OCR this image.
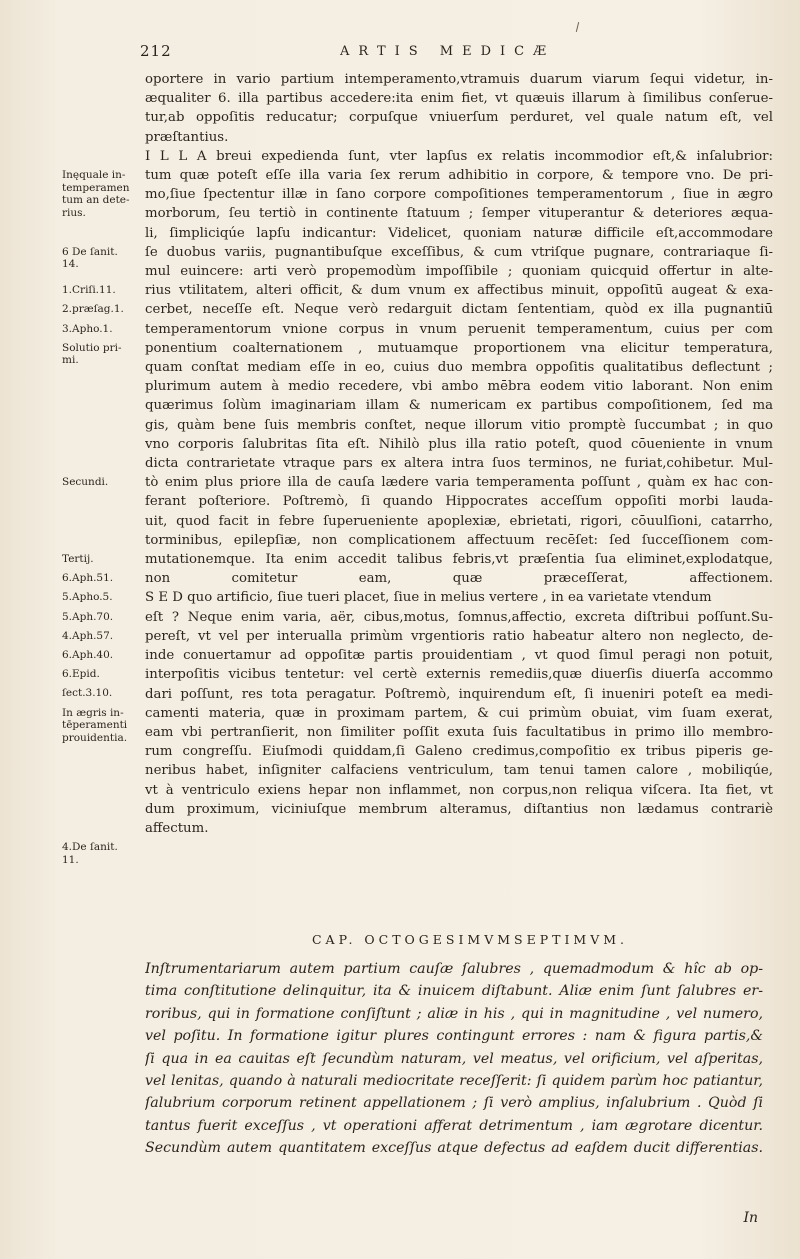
212	ARTIS MEDICÆ
oportere in vario partium intemperamento,vtramuis duarum viarum ſequi videtur, in-
æqualiter 6. illa partibus accedere:ita enim fiet, vt quæuis illarum à ſimilibus conſerue-
tur,ab oppoſitis reducatur; corpuſque vniuerſum perduret, vel quale natum eſt, vel
præſtantius.
I L L A breui expedienda ſunt, vter lapſus ex relatis incommodior eſt,& inſalubrior:
tum quæ poteſt eſſe illa varia ſex rerum adhibitio in corpore, & tempore vno. De pri-
mo,ſiue ſpectentur illæ in ſano corpore compoſitiones temperamentorum , ſiue in ægro
morborum, ſeu tertiò in continente ſtatuum ; ſemper vituperantur & deteriores æqua-
li, ſimpliciqúe lapſu indicantur: Videlicet, quoniam naturæ difficile eſt,accommodare
ſe duobus variis, pugnantibuſque exceſſibus, & cum vtriſque pugnare, contrariaque ſi-
mul euincere: arti verò propemodùm impoſſibile ; quoniam quicquid offertur in alte-
rius vtilitatem, alteri officit, & dum vnum ex affectibus minuit, oppoſitū augeat & exa-
cerbet, neceſſe eſt. Neque verò redarguit dictam ſententiam, quòd ex illa pugnantiū
temperamentorum vnione corpus in vnum peruenit temperamentum, cuius per com
ponentium coalternationem , mutuamque proportionem vna elicitur temperatura,
quam conſtat mediam eſſe in eo, cuius duo membra oppoſitis qualitatibus deflectunt ;
plurimum autem à medio recedere, vbi ambo mēbra eodem vitio laborant. Non enim
quærimus ſolùm imaginariam illam & numericam ex partibus compoſitionem, ſed ma
gis, quàm bene ſuis membris conſtet, neque illorum vitio promptè ſuccumbat ; in quo
vno corporis ſalubritas ſita eſt. Nihilò plus illa ratio poteſt, quod cōueniente in vnum
dicta contrarietate vtraque pars ex altera intra ſuos terminos, ne furiat,cohibetur. Mul-
tò enim plus priore illa de cauſa lædere varia temperamenta poſſunt , quàm ex hac con-
ferant poſteriore. Poſtremò, ſi quando Hippocrates acceſſum oppoſiti morbi lauda-
uit, quod facit in febre ſuperueniente apoplexiæ, ebrietati, rigori, cōuulſioni, catarrho,
torminibus, epilepſiæ, non complicationem affectuum recēſet: ſed ſucceſſionem com-
mutationemque. Ita enim accedit talibus febris,vt præſentia ſua eliminet,explodatque,
non comitetur eam, quæ præceſſerat, affectionem.
S E D quo artificio, ſiue tueri placet, ſiue in melius vertere , in ea varietate vtendum
eſt ? Neque enim varia, aër, cibus,motus, ſomnus,affectio, excreta diſtribui poſſunt.Su-
pereſt, vt vel per interualla primùm vrgentioris ratio habeatur altero non neglecto, de-
inde conuertamur ad oppoſitæ partis prouidentiam , vt quod ſimul peragi non potuit,
interpoſitis vicibus tentetur: vel certè externis remediis,quæ diuerſis diuerſa accommo
dari poſſunt, res tota peragatur. Poſtremò, inquirendum eſt, ſi inueniri poteſt ea medi-
camenti materia, quæ in proximam partem, & cui primùm obuiat, vim ſuam exerat,
eam vbi pertranſierit, non ſimiliter poſſit exuta ſuis facultatibus in primo illo membro-
rum congreſſu. Eiuſmodi quiddam,ſi Galeno credimus,compoſitio ex tribus piperis ge-
neribus habet, inſigniter calfaciens ventriculum, tam tenui tamen calore , mobiliqúe,
vt à ventriculo exiens hepar non inflammet, non corpus,non reliqua viſcera. Ita fiet, vt
dum proximum, viciniuſque membrum alteramus, diſtantius non lædamus contrariè
affectum.
Inęquale in-
temperamen
tum an dete-
rius.
6 De ſanit.
14.
1.Criſi.11.
2.præſag.1.
3.Apho.1.
Solutio pri-
mi.
Secundi.
Tertij.
6.Aph.51.
5.Apho.5.
5.Aph.70.
4.Aph.57.
6.Aph.40.
6.Epid.
ſect.3.10.
In ægris in-
tēperamenti
prouidentia.
4.De ſanit.
11.
CAP. OCTOGESIMVMSEPTIMVM.
Inſtrumentariarum autem partium cauſæ ſalubres , quemadmodum & hîc ab op-
tima conſtitutione delinquitur, ita & inuicem diſtabunt. Aliæ enim ſunt ſalubres er-
roribus, qui in formatione conſiſtunt ; aliæ in his , qui in magnitudine , vel numero,
vel poſitu. In formatione igitur plures contingunt errores : nam & figura partis,&
ſi qua in ea cauitas eſt ſecundùm naturam, vel meatus, vel orificium, vel aſperitas,
vel lenitas, quando à naturali mediocritate receſſerit: ſi quidem parùm hoc patiantur,
ſalubrium corporum retinent appellationem ; ſi verò amplius, inſalubrium . Quòd ſi
tantus fuerit exceſſus , vt operationi afferat detrimentum , iam ægrotare dicentur.
Secundùm autem quantitatem exceſſus atque defectus ad eaſdem ducit differentias.
In
